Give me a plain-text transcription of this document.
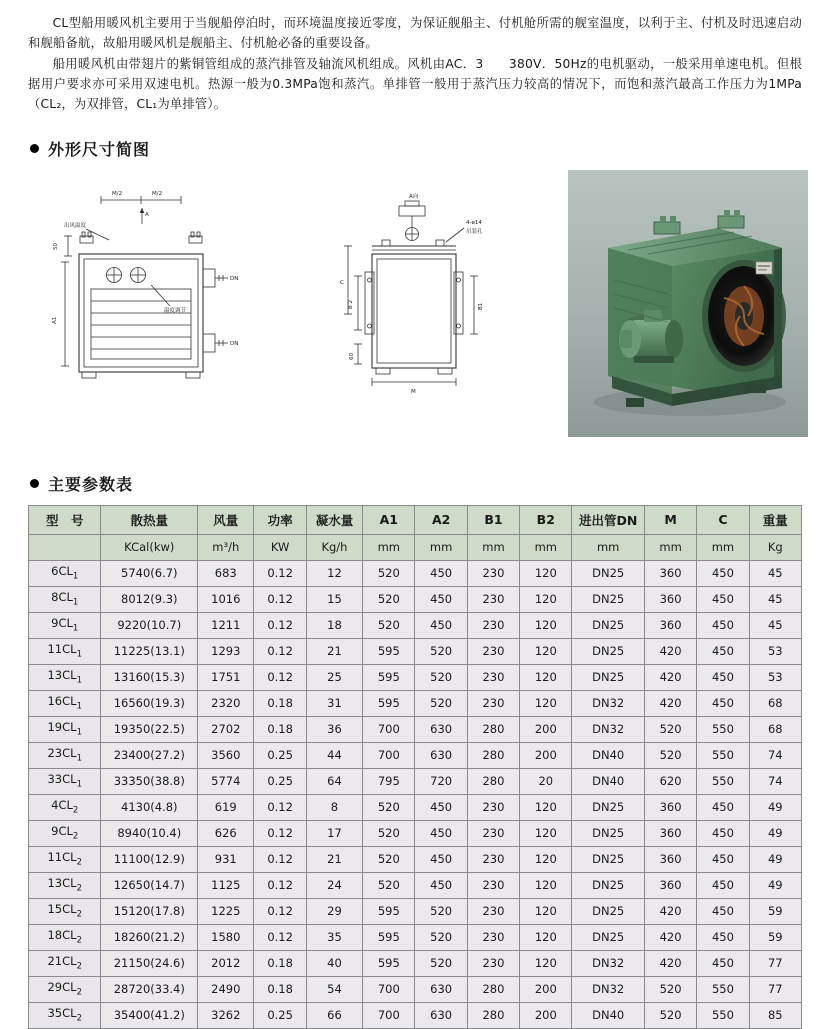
CL型船用暖风机主要用于当舰船停泊时，而环境温度接近零度，为保证舰船主、付机舱所需的舰室温度，以利于主、付机及时迅速启动和舰船备航，故船用暖风机是舰船主、付机舱必备的重要设备。

船用暖风机由带翅片的紫铜管组成的蒸汽排管及轴流风机组成。风机由AC．3　　380V．50Hz的电机驱动，一般采用单速电机。但根据用户要求亦可采用双速电机。热源一般为0.3MPa饱和蒸汽。单排管一般用于蒸汽压力较高的情况下，而饱和蒸汽最高工作压力为1MPa（CL₂，为双排管，CL₁为单排管）。

外形尺寸简图
M/2	M/2
A
出风温度
50
温度调节
A1
DN
DN
A向
4-ø14
吊装孔
C
B 2	B1
60
M
主要参数表
型　号	散热量	风量	功率	凝水量	A1	A2	B1	B2	进出管DN	M	C	重量
	KCal(kw)	m³/h	KW	Kg/h	mm	mm	mm	mm	mm	mm	mm	Kg
$6CL_1$	5740(6.7)	683	0.12	12	520	450	230	120	DN25	360	450	45
$8CL_1$	8012(9.3)	1016	0.12	15	520	450	230	120	DN25	360	450	45
$9CL_1$	9220(10.7)	1211	0.12	18	520	450	230	120	DN25	360	450	45
$11CL_1$	11225(13.1)	1293	0.12	21	595	520	230	120	DN25	420	450	53
$13CL_1$	13160(15.3)	1751	0.12	25	595	520	230	120	DN25	420	450	53
$16CL_1$	16560(19.3)	2320	0.18	31	595	520	230	120	DN32	420	450	68
$19CL_1$	19350(22.5)	2702	0.18	36	700	630	280	200	DN32	520	550	68
$23CL_1$	23400(27.2)	3560	0.25	44	700	630	280	200	DN40	520	550	74
$33CL_1$	33350(38.8)	5774	0.25	64	795	720	280	20	DN40	620	550	74
$4CL_2$	4130(4.8)	619	0.12	8	520	450	230	120	DN25	360	450	49
$9CL_2$	8940(10.4)	626	0.12	17	520	450	230	120	DN25	360	450	49
$11CL_2$	11100(12.9)	931	0.12	21	520	450	230	120	DN25	360	450	49
$13CL_2$	12650(14.7)	1125	0.12	24	520	450	230	120	DN25	360	450	49
$15CL_2$	15120(17.8)	1225	0.12	29	595	520	230	120	DN25	420	450	59
$18CL_2$	18260(21.2)	1580	0.12	35	595	520	230	120	DN25	420	450	59
$21CL_2$	21150(24.6)	2012	0.18	40	595	520	230	120	DN32	420	450	77
$29CL_2$	28720(33.4)	2490	0.18	54	700	630	280	200	DN32	520	550	77
$35CL_2$	35400(41.2)	3262	0.25	66	700	630	280	200	DN40	520	550	85
